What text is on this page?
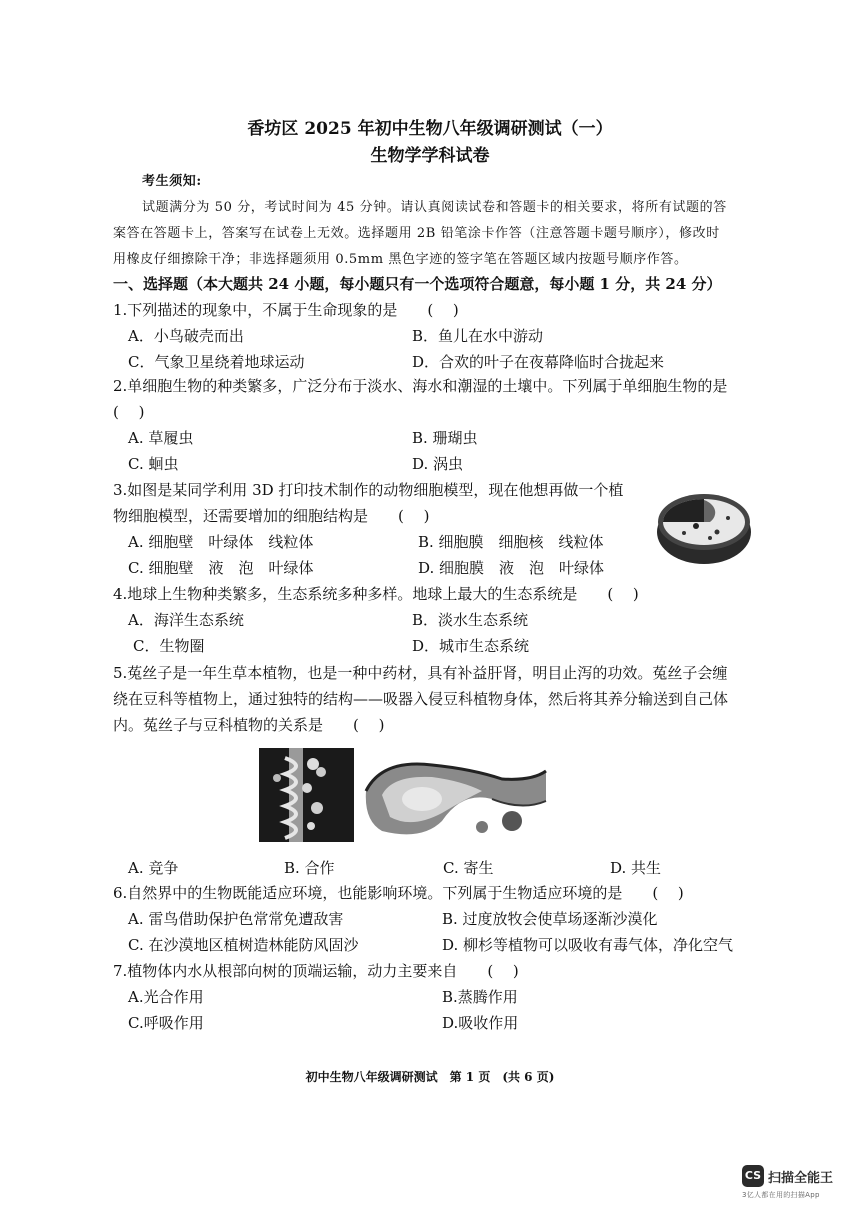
香坊区 2025 年初中生物八年级调研测试（一）
生物学学科试卷
考生须知:
试题满分为 50 分，考试时间为 45 分钟。请认真阅读试卷和答题卡的相关要求，将所有试题的答
案答在答题卡上，答案写在试卷上无效。选择题用 2B 铅笔涂卡作答（注意答题卡题号顺序），修改时
用橡皮仔细擦除干净；非选择题须用 0.5mm 黑色字迹的签字笔在答题区域内按题号顺序作答。
一、选择题（本大题共 24 小题，每小题只有一个选项符合题意，每小题 1 分，共 24 分）
1.下列描述的现象中，不属于生命现象的是　　(　 )
A．小鸟破壳而出	B．鱼儿在水中游动
C．气象卫星绕着地球运动	D．合欢的叶子在夜幕降临时合拢起来
2.单细胞生物的种类繁多，广泛分布于淡水、海水和潮湿的土壤中。下列属于单细胞生物的是
(　 )
A. 草履虫	B. 珊瑚虫
C. 蛔虫	D. 涡虫
3.如图是某同学利用 3D 打印技术制作的动物细胞模型，现在他想再做一个植
物细胞模型，还需要增加的细胞结构是　　(　 )
A. 细胞壁　叶绿体　线粒体	B. 细胞膜　细胞核　线粒体
C. 细胞壁　液　泡　叶绿体	D. 细胞膜　液　泡　叶绿体
4.地球上生物种类繁多，生态系统多种多样。地球上最大的生态系统是　　(　 )
A．海洋生态系统	B．淡水生态系统
C．生物圈	D．城市生态系统
5.菟丝子是一年生草本植物，也是一种中药材，具有补益肝肾，明目止泻的功效。菟丝子会缠
绕在豆科等植物上，通过独特的结构——吸器入侵豆科植物身体，然后将其养分输送到自己体
内。菟丝子与豆科植物的关系是　　(　 )
A. 竞争	B. 合作	C. 寄生	D. 共生
6.自然界中的生物既能适应环境，也能影响环境。下列属于生物适应环境的是　　(　 )
A. 雷鸟借助保护色常常免遭敌害	B. 过度放牧会使草场逐渐沙漠化
C. 在沙漠地区植树造林能防风固沙	D. 柳杉等植物可以吸收有毒气体，净化空气
7.植物体内水从根部向树的顶端运输，动力主要来自　　(　 )
A.光合作用	B.蒸腾作用
C.呼吸作用	D.吸收作用
初中生物八年级调研测试　第 1 页　(共 6 页)
CS 扫描全能王
3亿人都在用的扫描App
